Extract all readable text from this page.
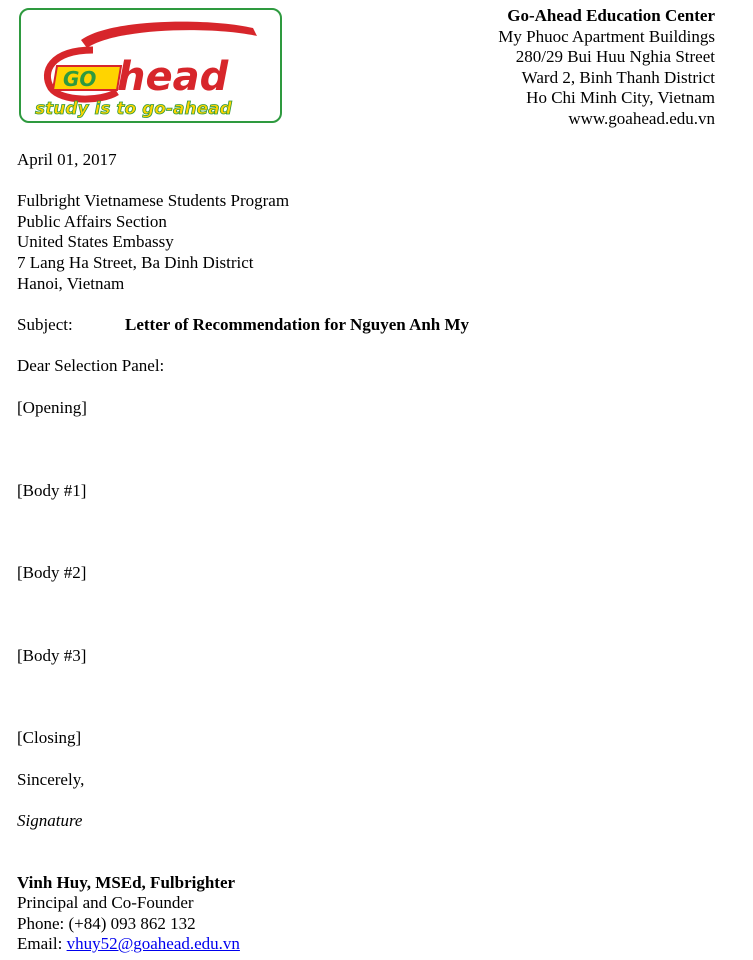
GO head
study is to go-ahead
Go-Ahead Education Center
My Phuoc Apartment Buildings
280/29 Bui Huu Nghia Street
Ward 2, Binh Thanh District
Ho Chi Minh City, Vietnam
www.goahead.edu.vn
April 01, 2017
Fulbright Vietnamese Students Program
Public Affairs Section
United States Embassy
7 Lang Ha Street, Ba Dinh District
Hanoi, Vietnam
Subject:	Letter of Recommendation for Nguyen Anh My
Dear Selection Panel:
[Opening]
[Body #1]
[Body #2]
[Body #3]
[Closing]
Sincerely,
Signature
Vinh Huy, MSEd, Fulbrighter
Principal and Co-Founder
Phone: (+84) 093 862 132
Email: vhuy52@goahead.edu.vn
